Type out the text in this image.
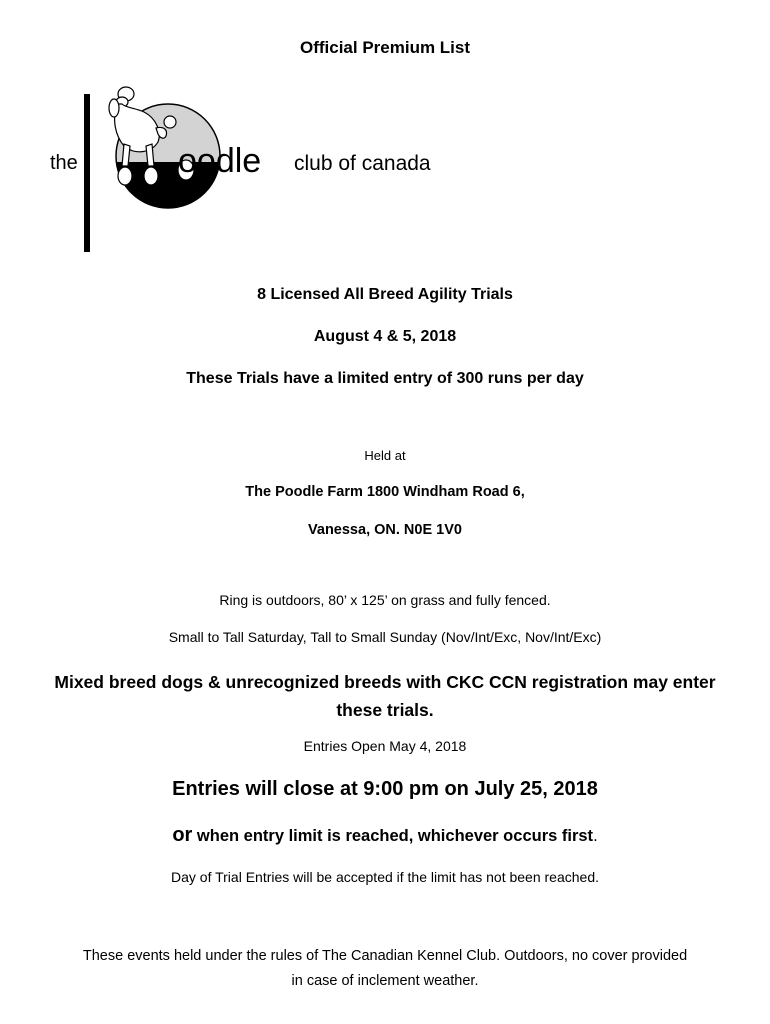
Official Premium List
the	oodle club of canada
8 Licensed All Breed Agility Trials
August 4 & 5, 2018
These Trials have a limited entry of 300 runs per day
Held at
The Poodle Farm 1800 Windham Road 6,
Vanessa, ON. N0E 1V0
Ring is outdoors, 80’ x 125’ on grass and fully fenced.
Small to Tall Saturday, Tall to Small Sunday (Nov/Int/Exc, Nov/Int/Exc)
Mixed breed dogs & unrecognized breeds with CKC CCN registration may enter
these trials.
Entries Open May 4, 2018
Entries will close at 9:00 pm on July 25, 2018
or when entry limit is reached, whichever occurs first.
Day of Trial Entries will be accepted if the limit has not been reached.
These events held under the rules of The Canadian Kennel Club. Outdoors, no cover provided
in case of inclement weather.
